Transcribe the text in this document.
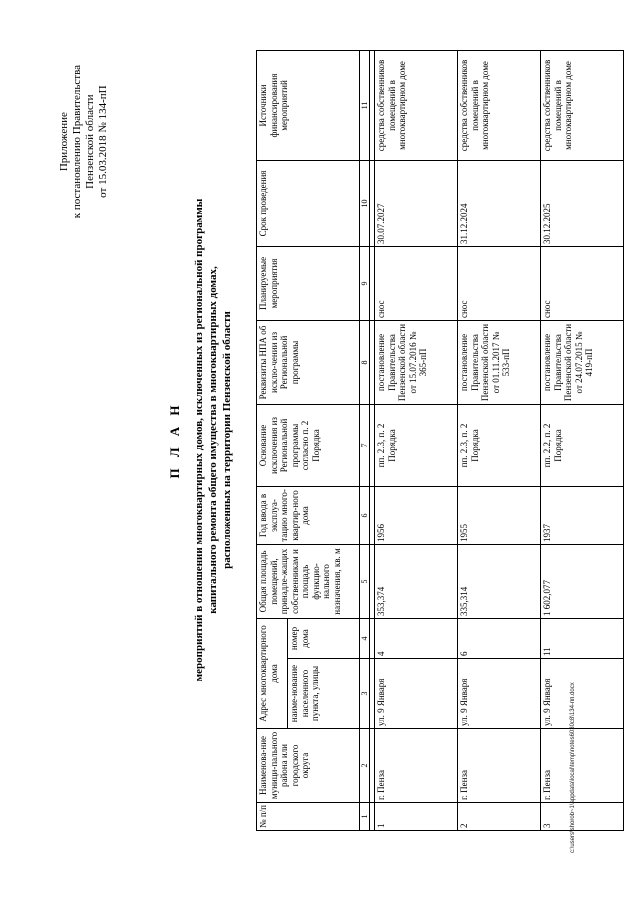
Приложение к постановлению Правительства Пензенской области от 15.03.2018 № 134-пП
П Л А Н мероприятий в отношении многоквартирных домов, исключенных из региональной программы капитального ремонта общего имущества в многоквартирных домах, расположенных на территории Пензенской области
№ п/п	Наименова-ние муници-пального района или городского округа	Адрес многоквартирного дома		Общая площадь помещений, принадле-жащих собственникам и площадь функцио-нального назначения, кв. м	Год ввода в эксплуа-тацию много-квартир-ного дома	Основание исключения из Региональной программы согласно п. 2 Порядка	Реквизиты НПА об исклю-чении из Региональной программы	Планируемые мероприятия	Срок проведения	Источники финансирования мероприятий
		наиме-нование населенного пункта, улицы	номер дома							
1	2	3	4	5	6	7	8	9	10	11

1	г. Пенза	ул. 9 Января	4	353,374	1956	пп. 2.3, п. 2 Порядка	постановление Правительства Пензенской области от 15.07.2016 № 365-пП	снос	30.07.2027	средства собственников помещений в многоквартирном доме
2	г. Пенза	ул. 9 Января	6	335,314	1955	пп. 2.3, п. 2 Порядка	постановление Правительства Пензенской области от 01.11.2017 № 533-пП	снос	31.12.2024	средства собственников помещений в многоквартирном доме
3	г. Пенза	ул. 9 Января	11	1 602,077	1937	пп. 2.2, п. 2 Порядка	постановление Правительства Пензенской области от 24.07.2015 № 419-пП	снос	30.12.2025	средства собственников помещений в многоквартирном доме
c:\users\shorob~1\appdata\local\temp\notes6030c8\134-пп.docx
